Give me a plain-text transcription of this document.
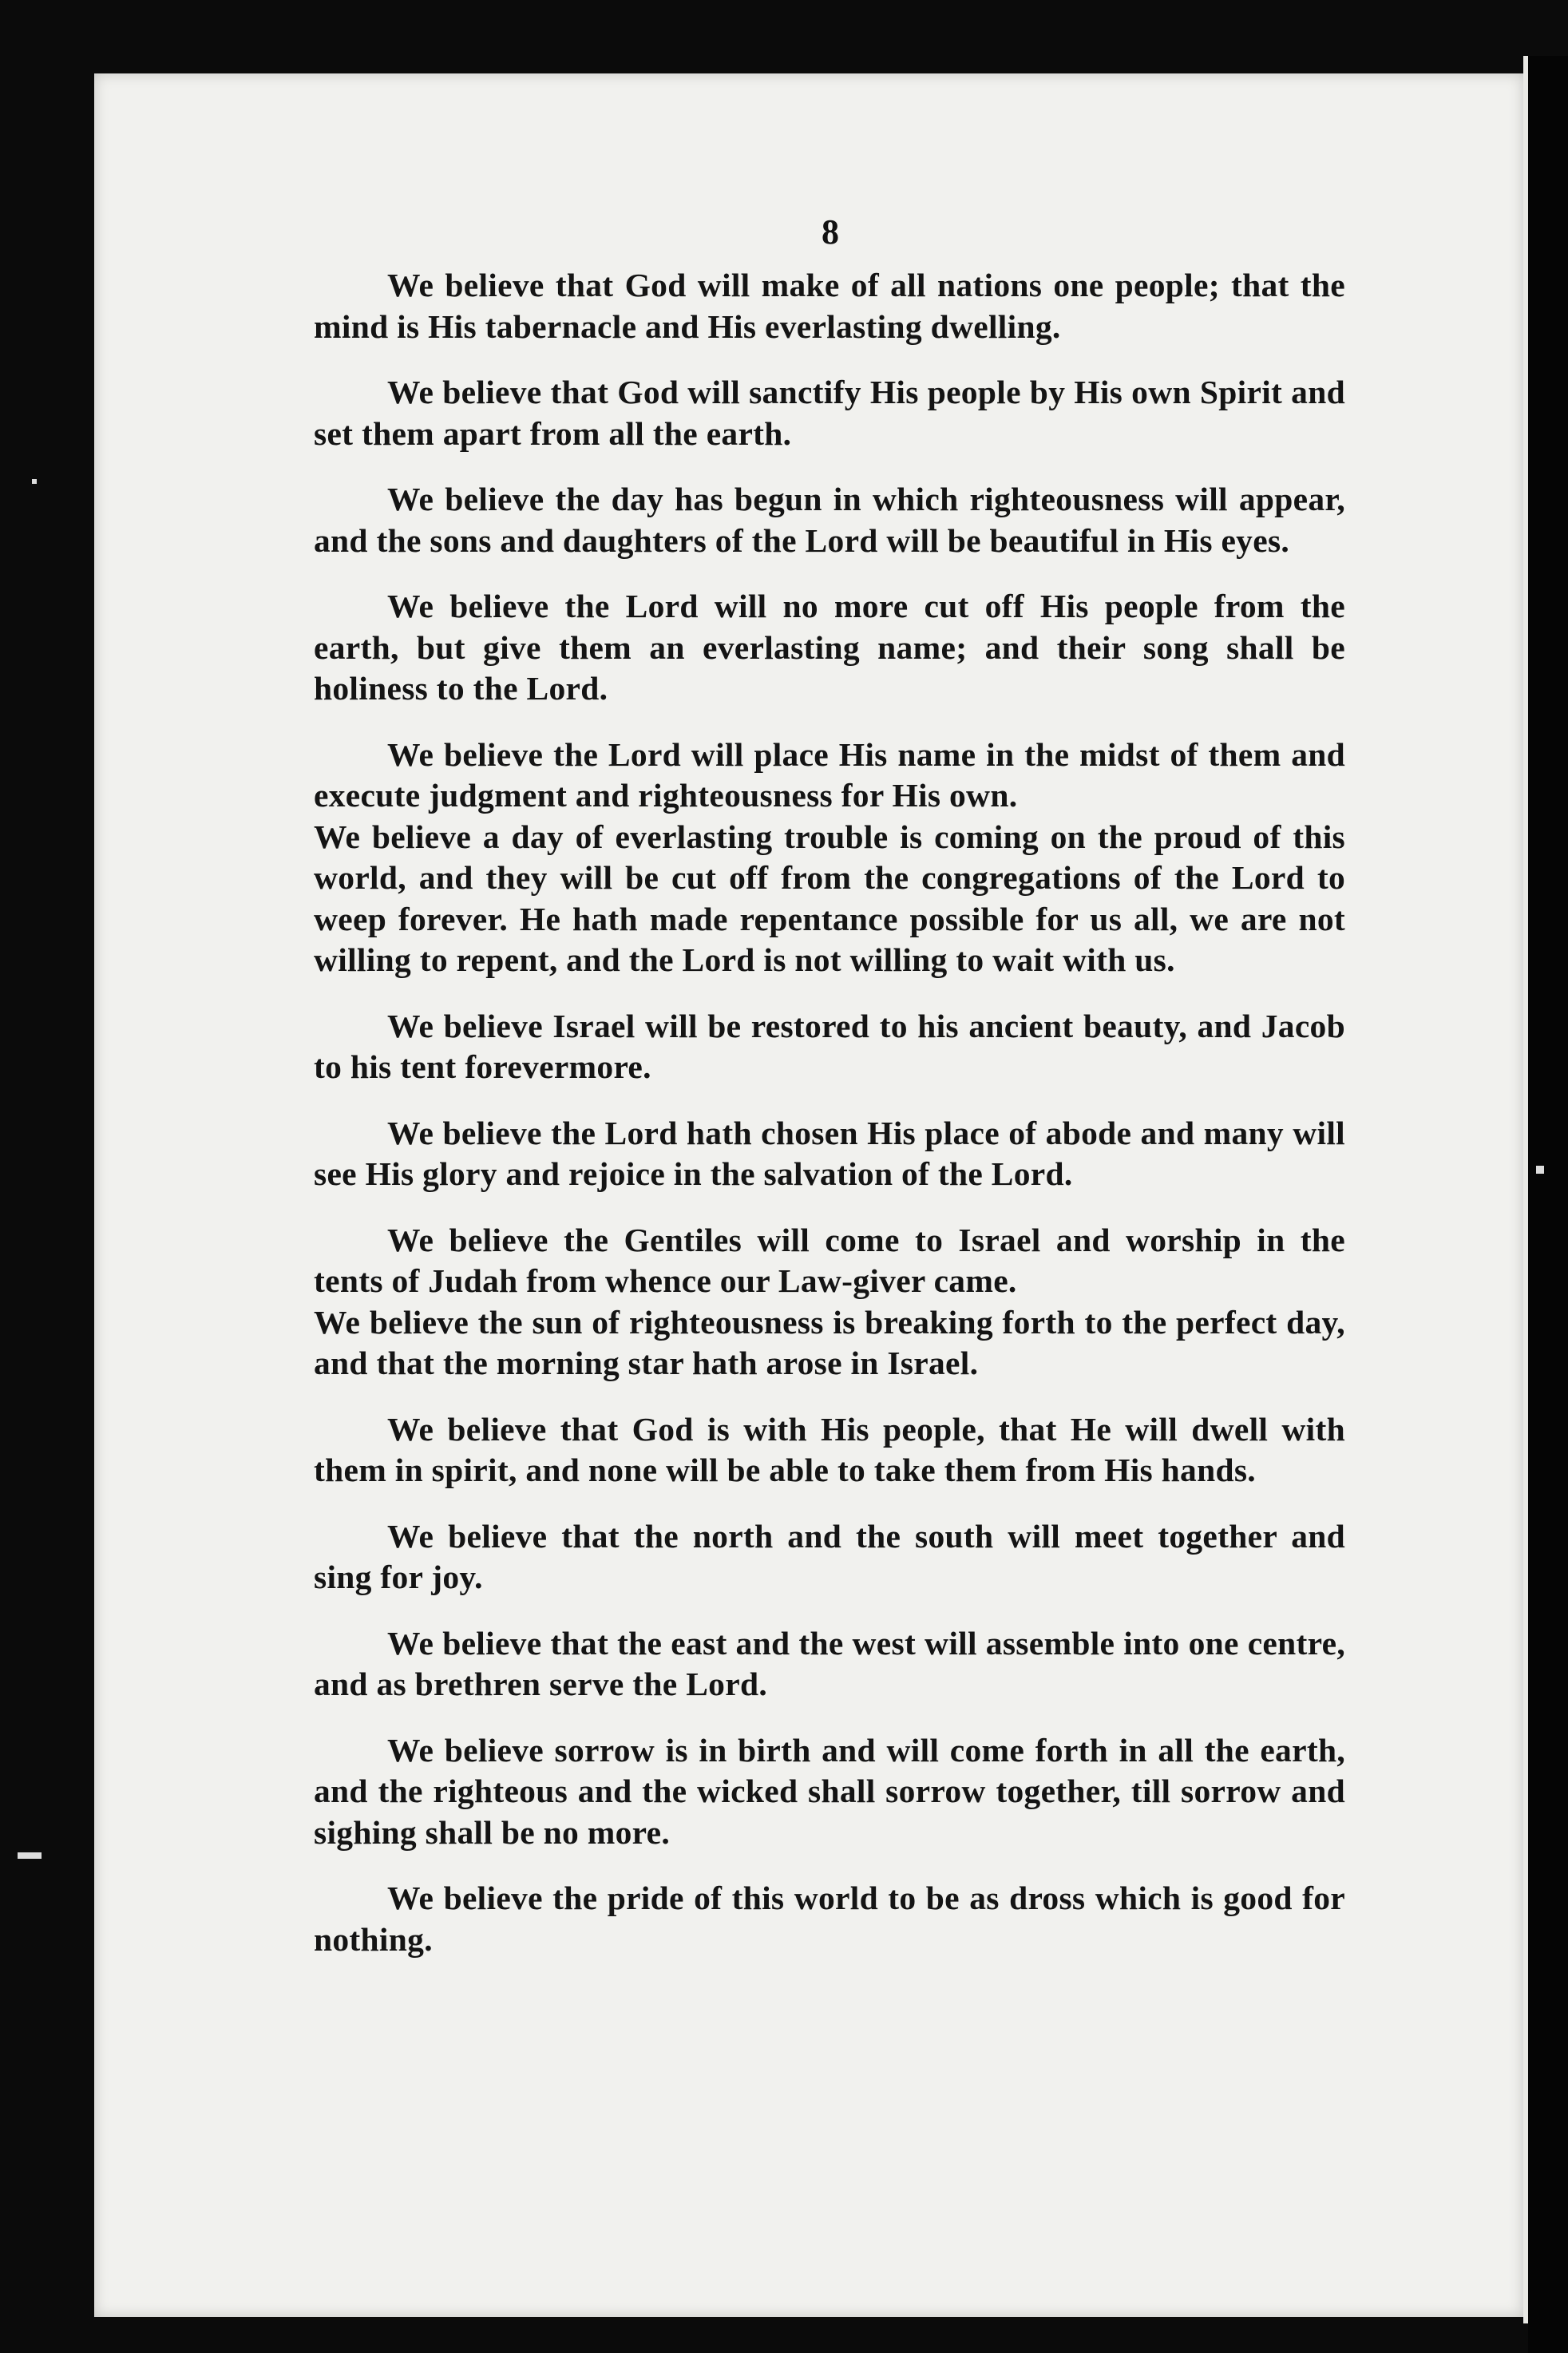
8

We believe that God will make of all nations one people; that the mind is His tabernacle and His everlasting dwelling.

We believe that God will sanctify His people by His own Spirit and set them apart from all the earth.

We believe the day has begun in which righteousness will appear, and the sons and daughters of the Lord will be beautiful in His eyes.

We believe the Lord will no more cut off His people from the earth, but give them an everlasting name; and their song shall be holiness to the Lord.

We believe the Lord will place His name in the midst of them and execute judgment and righteousness for His own.

We believe a day of everlasting trouble is coming on the proud of this world, and they will be cut off from the congregations of the Lord to weep forever. He hath made repentance possible for us all, we are not willing to repent, and the Lord is not willing to wait with us.

We believe Israel will be restored to his ancient beauty, and Jacob to his tent forevermore.

We believe the Lord hath chosen His place of abode and many will see His glory and rejoice in the salvation of the Lord.

We believe the Gentiles will come to Israel and worship in the tents of Judah from whence our Law-giver came.

We believe the sun of righteousness is breaking forth to the perfect day, and that the morning star hath arose in Israel.

We believe that God is with His people, that He will dwell with them in spirit, and none will be able to take them from His hands.

We believe that the north and the south will meet together and sing for joy.

We believe that the east and the west will assemble into one centre, and as brethren serve the Lord.

We believe sorrow is in birth and will come forth in all the earth, and the righteous and the wicked shall sorrow together, till sorrow and sighing shall be no more.

We believe the pride of this world to be as dross which is good for nothing.
